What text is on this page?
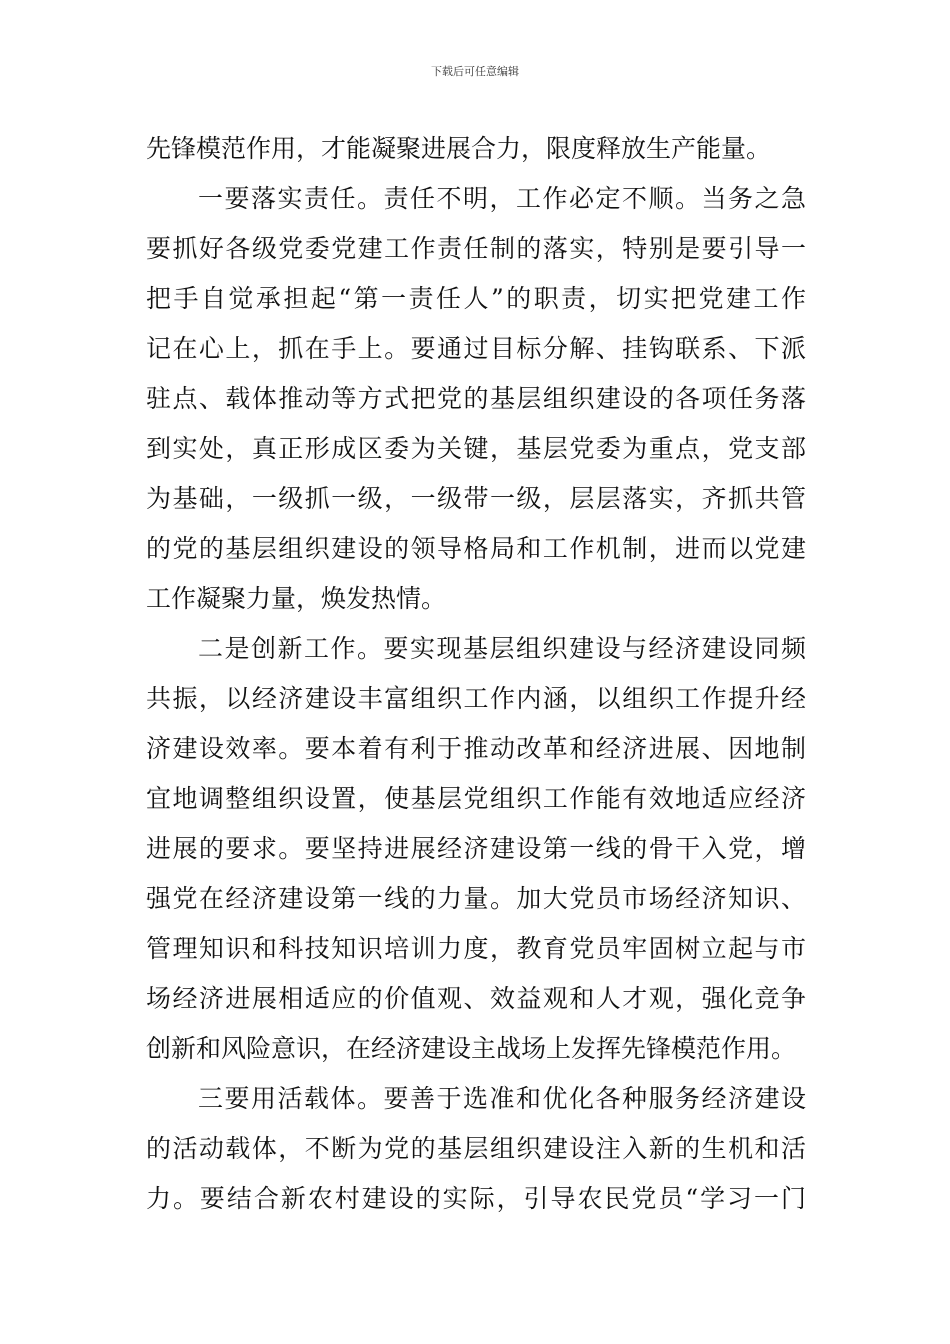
下载后可任意编辑
先锋模范作用，才能凝聚进展合力，限度释放生产能量。
一要落实责任。责任不明，工作必定不顺。当务之急
要抓好各级党委党建工作责任制的落实，特别是要引导一
把手自觉承担起“第一责任人”的职责，切实把党建工作
记在心上，抓在手上。要通过目标分解、挂钩联系、下派
驻点、载体推动等方式把党的基层组织建设的各项任务落
到实处，真正形成区委为关键，基层党委为重点，党支部
为基础，一级抓一级，一级带一级，层层落实，齐抓共管
的党的基层组织建设的领导格局和工作机制，进而以党建
工作凝聚力量，焕发热情。
二是创新工作。要实现基层组织建设与经济建设同频
共振，以经济建设丰富组织工作内涵，以组织工作提升经
济建设效率。要本着有利于推动改革和经济进展、因地制
宜地调整组织设置，使基层党组织工作能有效地适应经济
进展的要求。要坚持进展经济建设第一线的骨干入党，增
强党在经济建设第一线的力量。加大党员市场经济知识、
管理知识和科技知识培训力度，教育党员牢固树立起与市
场经济进展相适应的价值观、效益观和人才观，强化竞争
创新和风险意识，在经济建设主战场上发挥先锋模范作用。
三要用活载体。要善于选准和优化各种服务经济建设
的活动载体，不断为党的基层组织建设注入新的生机和活
力。要结合新农村建设的实际，引导农民党员“学习一门
